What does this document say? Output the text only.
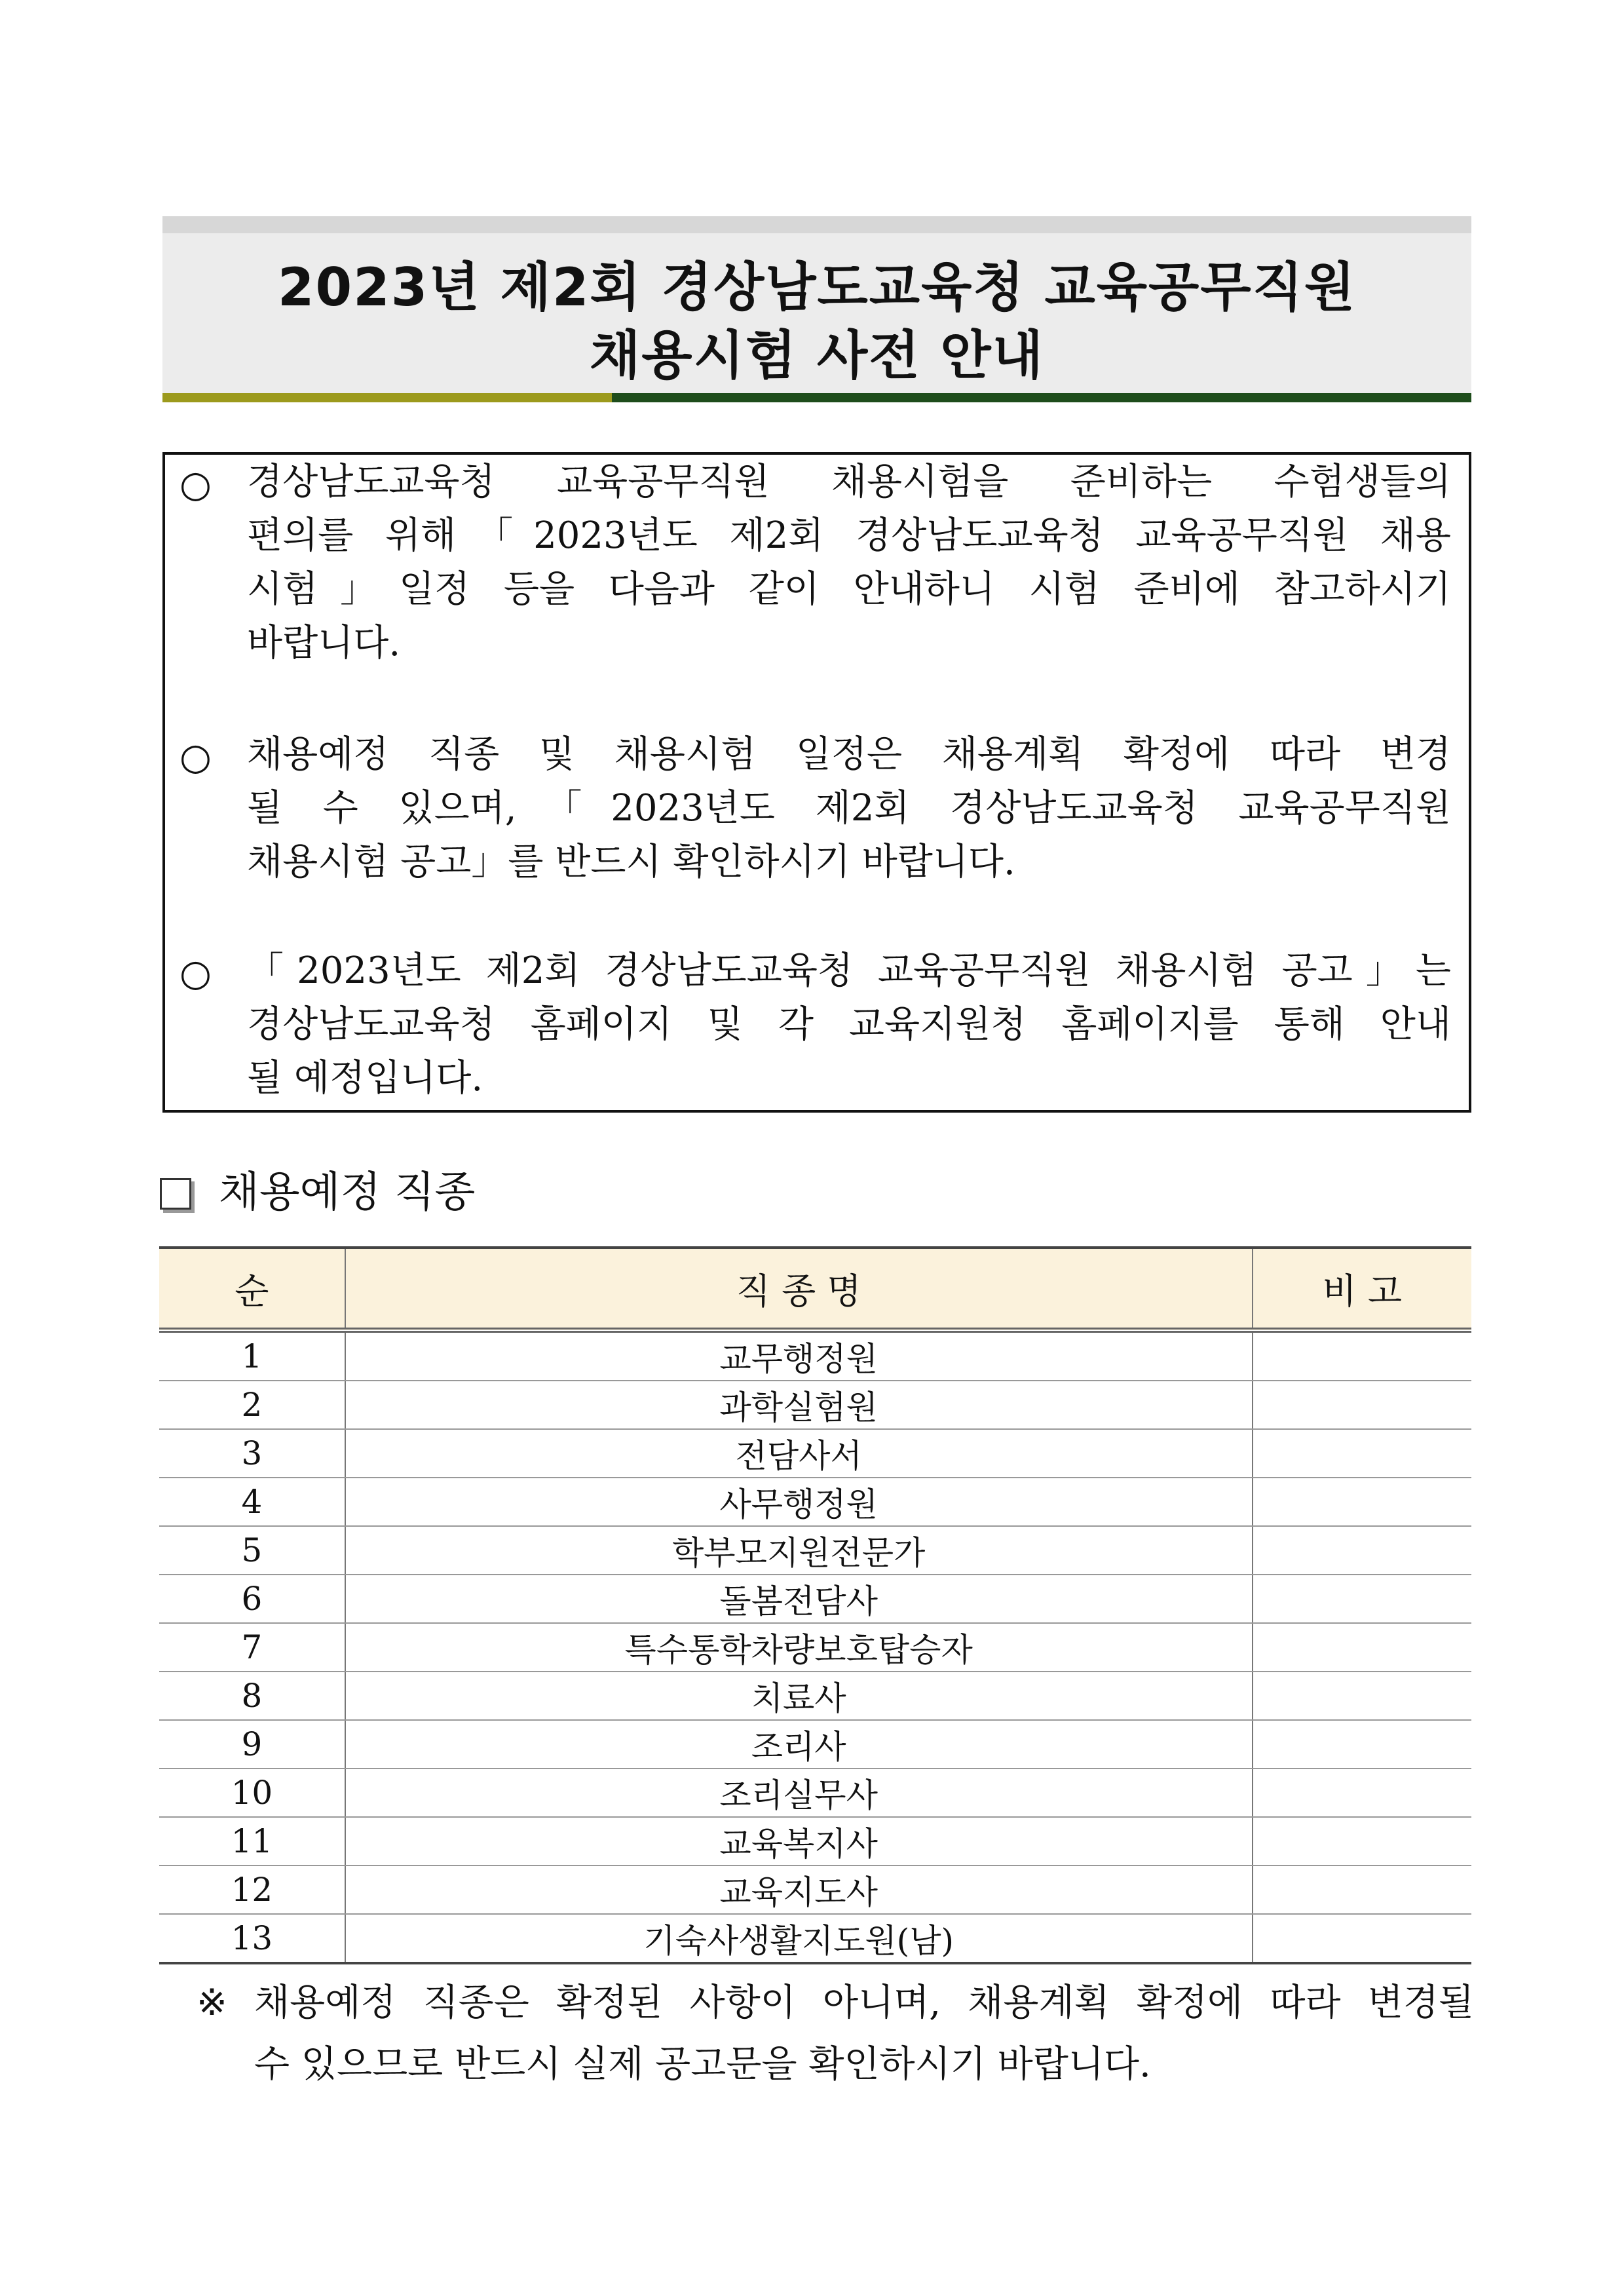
2023년 제2회 경상남도교육청 교육공무직원
채용시험 사전 안내
○ 경상남도교육청 교육공무직원 채용시험을 준비하는 수험생들의
편의를 위해「2023년도 제2회 경상남도교육청 교육공무직원 채용
시험」일정 등을 다음과 같이 안내하니 시험 준비에 참고하시기
바랍니다.
○ 채용예정 직종 및 채용시험 일정은 채용계획 확정에 따라 변경
될 수 있으며,「2023년도 제2회 경상남도교육청 교육공무직원
채용시험 공고」를 반드시 확인하시기 바랍니다.
○ 「2023년도 제2회 경상남도교육청 교육공무직원 채용시험 공고」는
경상남도교육청 홈페이지 및 각 교육지원청 홈페이지를 통해 안내
될 예정입니다.
채용예정 직종
순	직 종 명	비 고
1	교무행정원	
2	과학실험원	
3	전담사서	
4	사무행정원	
5	학부모지원전문가	
6	돌봄전담사	
7	특수통학차량보호탑승자	
8	치료사	
9	조리사	
10	조리실무사	
11	교육복지사	
12	교육지도사	
13	기숙사생활지도원(남)	
※ 채용예정 직종은 확정된 사항이 아니며, 채용계획 확정에 따라 변경될
수 있으므로 반드시 실제 공고문을 확인하시기 바랍니다.
